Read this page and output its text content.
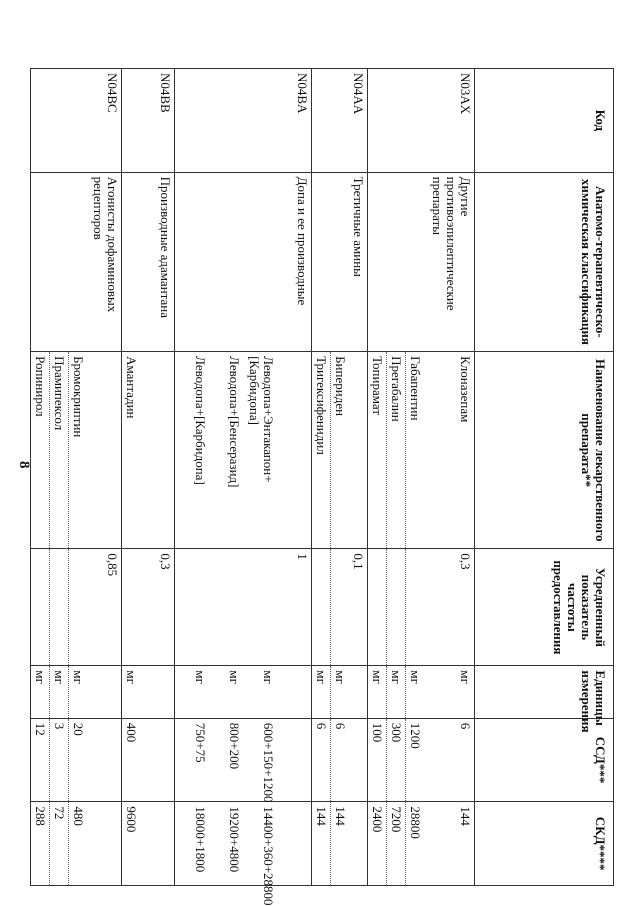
8
Код	Анатомо-терапевтическо-химическая классификация	Наименование лекарственного препарата**	Усредненный показатель частоты предоставления	Единицы измерения	ССД***	СКД****
N03AX	Другие противоэпилептические препараты	Клоназепам	0,3	мг	6	144
		Габапентин		мг	1200	28800
		Прегабалин		мг	300	7200
		Топирамат		мг	100	2400
N04AA	Третичные амины		0,1			
		Бипериден		мг	6	144
		Тригексифенидил		мг	6	144
N04BA	Допа и ее производные		1			
		Леводопа+Энтакапон+[Карбидопа]		мг	600+150+1200	14400+360+28800
		Леводопа+[Бенсеразид]		мг	800+200	19200+4800
		Леводопа+[Карбидопа]		мг	750+75	18000+1800
N04BB	Производные адамантана		0,3			
		Амантадин		мг	400	9600
N04BC	Агонисты дофаминовых рецепторов		0,85			
		Бромокриптин		мг	20	480
		Прамипексол		мг	3	72
		Ропинирол		мг	12	288
